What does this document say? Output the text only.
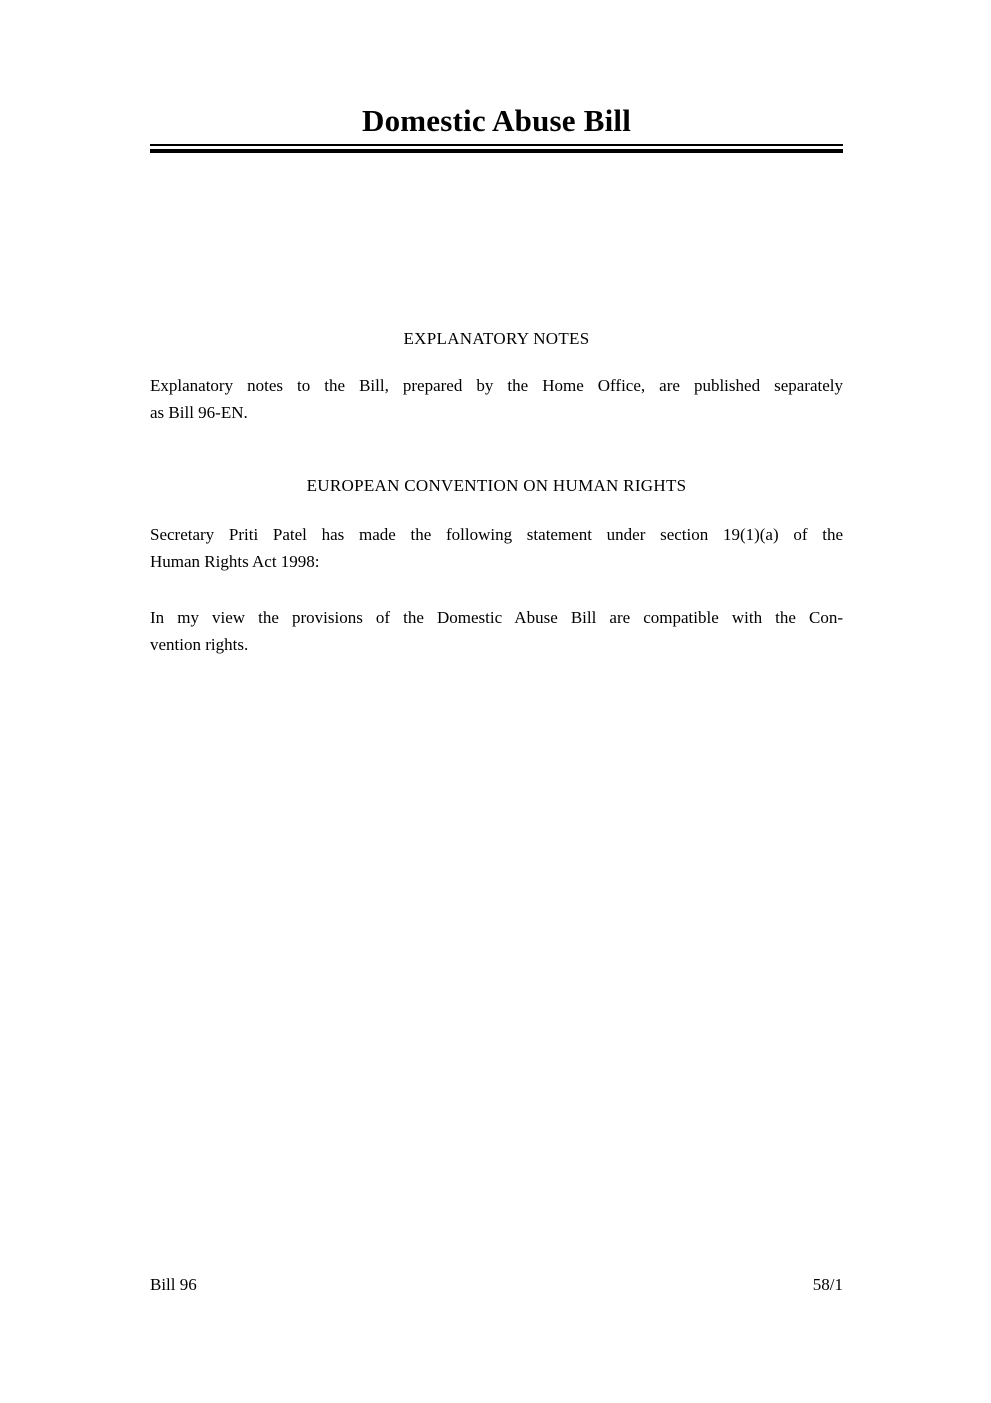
Domestic Abuse Bill
EXPLANATORY NOTES
Explanatory notes to the Bill, prepared by the Home Office, are published separately
as Bill 96-EN.
EUROPEAN CONVENTION ON HUMAN RIGHTS
Secretary Priti Patel has made the following statement under section 19(1)(a) of the
Human Rights Act 1998:
In my view the provisions of the Domestic Abuse Bill are compatible with the Con-
vention rights.
Bill 96	58/1
